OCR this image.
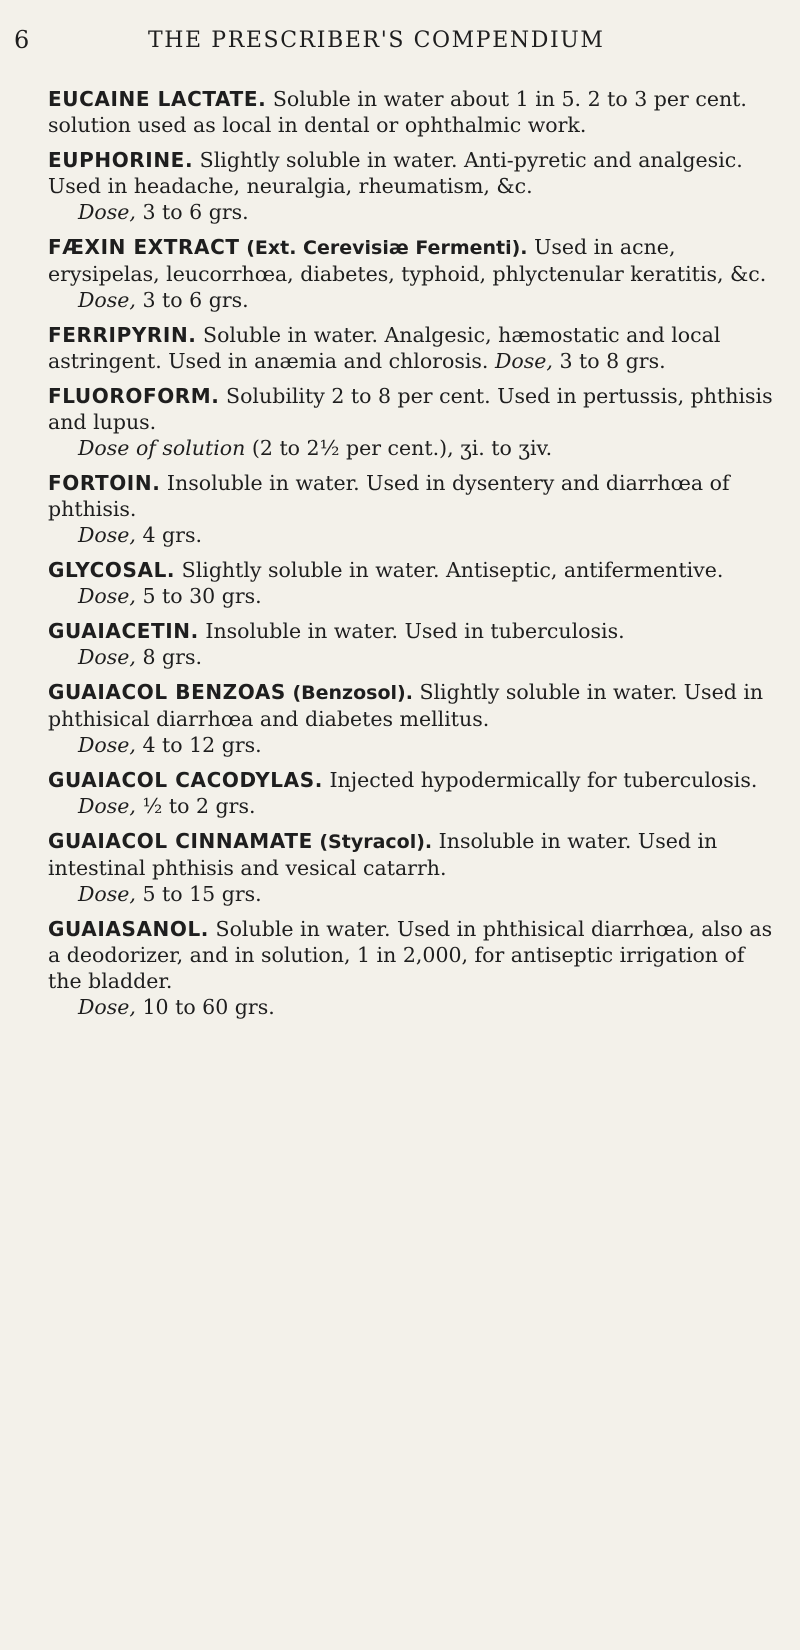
6	THE PRESCRIBER'S COMPENDIUM
EUCAINE LACTATE. Soluble in water about 1 in 5. 2 to 3 per cent. solution used as local in dental or ophthalmic work.
EUPHORINE. Slightly soluble in water. Anti-pyretic and analgesic. Used in headache, neuralgia, rheumatism, &c.
Dose, 3 to 6 grs.
FÆXIN EXTRACT (Ext. Cerevisiæ Fermenti). Used in acne, erysipelas, leucorrhœa, diabetes, typhoid, phlyctenular keratitis, &c.
Dose, 3 to 6 grs.
FERRIPYRIN. Soluble in water. Analgesic, hæmostatic and local astringent. Used in anæmia and chlorosis. Dose, 3 to 8 grs.
FLUOROFORM. Solubility 2 to 8 per cent. Used in pertussis, phthisis and lupus.
Dose of solution (2 to 2½ per cent.), ʒi. to ʒiv.
FORTOIN. Insoluble in water. Used in dysentery and diarrhœa of phthisis.
Dose, 4 grs.
GLYCOSAL. Slightly soluble in water. Antiseptic, antifermentive.
Dose, 5 to 30 grs.
GUAIACETIN. Insoluble in water. Used in tuberculosis.
Dose, 8 grs.
GUAIACOL BENZOAS (Benzosol). Slightly soluble in water. Used in phthisical diarrhœa and diabetes mellitus.
Dose, 4 to 12 grs.
GUAIACOL CACODYLAS. Injected hypodermically for tuberculosis.
Dose, ½ to 2 grs.
GUAIACOL CINNAMATE (Styracol). Insoluble in water. Used in intestinal phthisis and vesical catarrh.
Dose, 5 to 15 grs.
GUAIASANOL. Soluble in water. Used in phthisical diarrhœa, also as a deodorizer, and in solution, 1 in 2,000, for antiseptic irrigation of the bladder.
Dose, 10 to 60 grs.
